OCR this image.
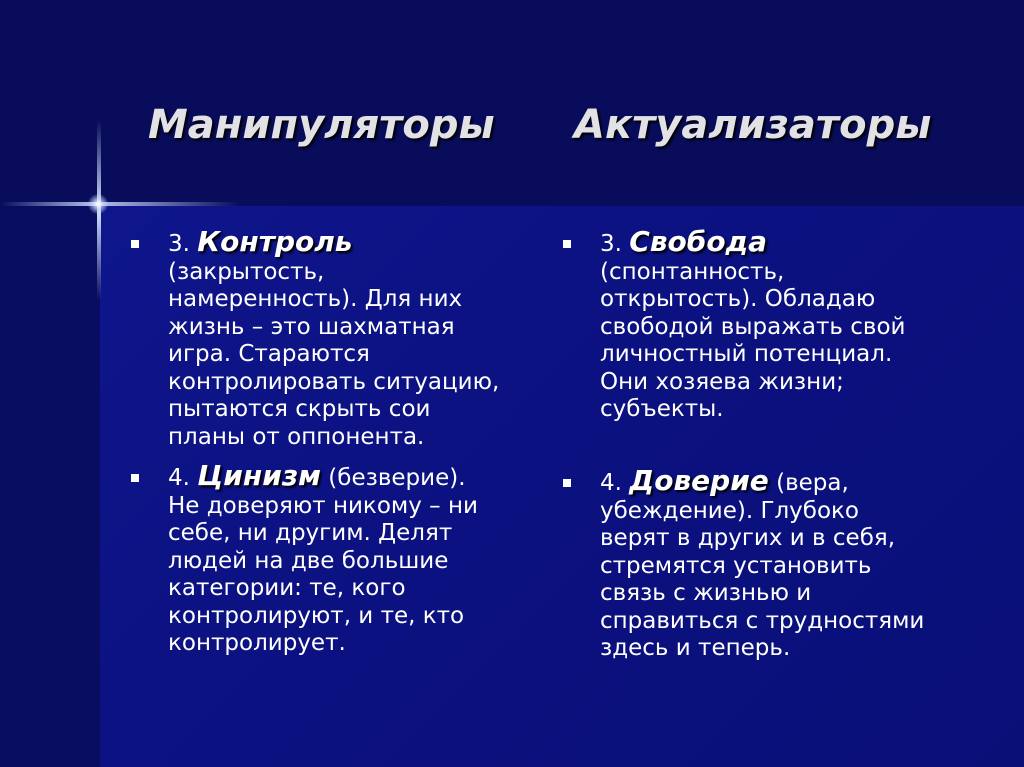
Манипуляторы Актуализаторы
3. Контроль
(закрытость,
намеренность). Для них
жизнь – это шахматная
игра. Стараются
контролировать ситуацию,
пытаются скрыть сои
планы от оппонента.
4. Цинизм (безверие).
Не доверяют никому – ни
себе, ни другим. Делят
людей на две большие
категории: те, кого
контролируют, и те, кто
контролирует.
3. Свобода
(спонтанность,
открытость). Обладаю
свободой выражать свой
личностный потенциал.
Они хозяева жизни;
субъекты.
4. Доверие (вера,
убеждение). Глубоко
верят в других и в себя,
стремятся установить
связь с жизнью и
справиться с трудностями
здесь и теперь.
